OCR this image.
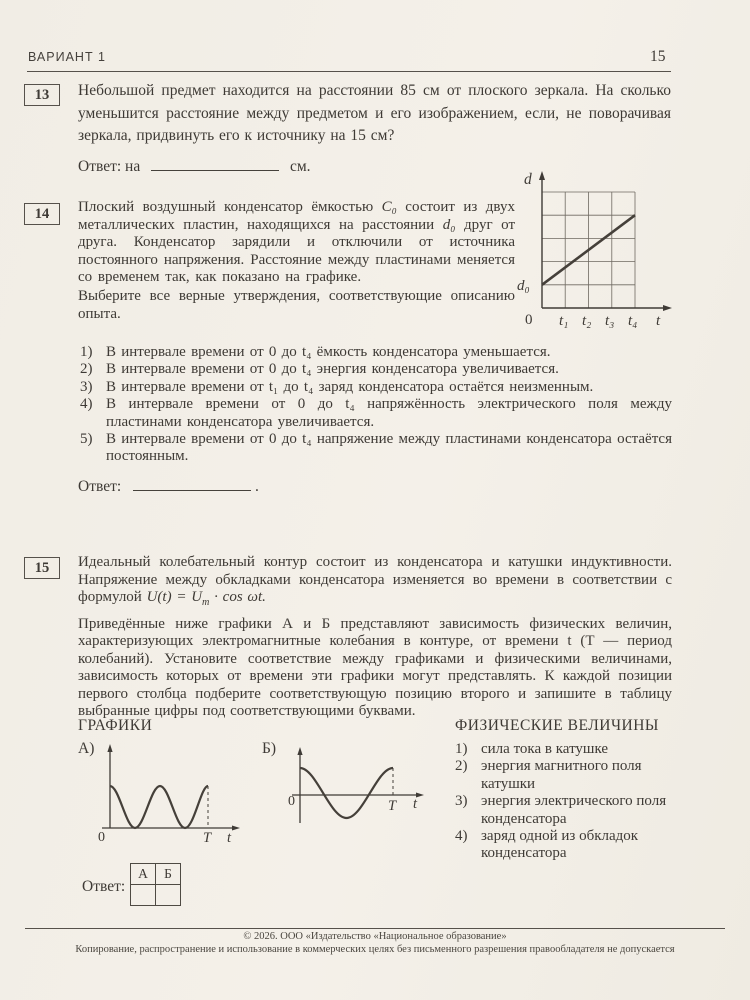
ВАРИАНТ 1	15
13	Небольшой предмет находится на расстоянии 85 см от плоского зеркала. На сколько уменьшится расстояние между предметом и его изображением, если, не поворачивая зеркала, придвинуть его к источнику на 15 см?
Ответ: на	см.
14	Плоский воздушный конденсатор ёмкостью C₀ состоит из двух металлических пластин, находящихся на расстоянии d₀ друг от друга. Конденсатор зарядили и отключили от источника постоянного напряжения. Расстояние между пластинами меняется со временем так, как показано на графике.
Выберите все верные утверждения, соответствующие описанию опыта.
d
d₀
0 t₁ t₂ t₃ t₄ t
1) В интервале времени от 0 до t₄ ёмкость конденсатора уменьшается.
2) В интервале времени от 0 до t₄ энергия конденсатора увеличивается.
3) В интервале времени от t₁ до t₄ заряд конденсатора остаётся неизменным.
4) В интервале времени от 0 до t₄ напряжённость электрического поля между пластинами конденсатора увеличивается.
5) В интервале времени от 0 до t₄ напряжение между пластинами конденсатора остаётся постоянным.
Ответ:	.
15	Идеальный колебательный контур состоит из конденсатора и катушки индуктивности. Напряжение между обкладками конденсатора изменяется во времени в соответствии с формулой $U(t) = U_m \cdot \cos \omega t$.
Приведённые ниже графики А и Б представляют зависимость физических величин, характеризующих электромагнитные колебания в контуре, от времени t (T — период колебаний). Установите соответствие между графиками и физическими величинами, зависимость которых от времени эти графики могут представлять. К каждой позиции первого столбца подберите соответствующую позицию второго и запишите в таблицу выбранные цифры под соответствующими буквами.
ГРАФИКИ	ФИЗИЧЕСКИЕ ВЕЛИЧИНЫ
А)
0	T t
Б)
0	T t
1) сила тока в катушке
2) энергия магнитного поля катушки
3) энергия электрического поля конденсатора
4) заряд одной из обкладок конденсатора
Ответ:
А	Б

© 2026. ООО «Издательство «Национальное образование»
Копирование, распространение и использование в коммерческих целях без письменного разрешения правообладателя не допускается
